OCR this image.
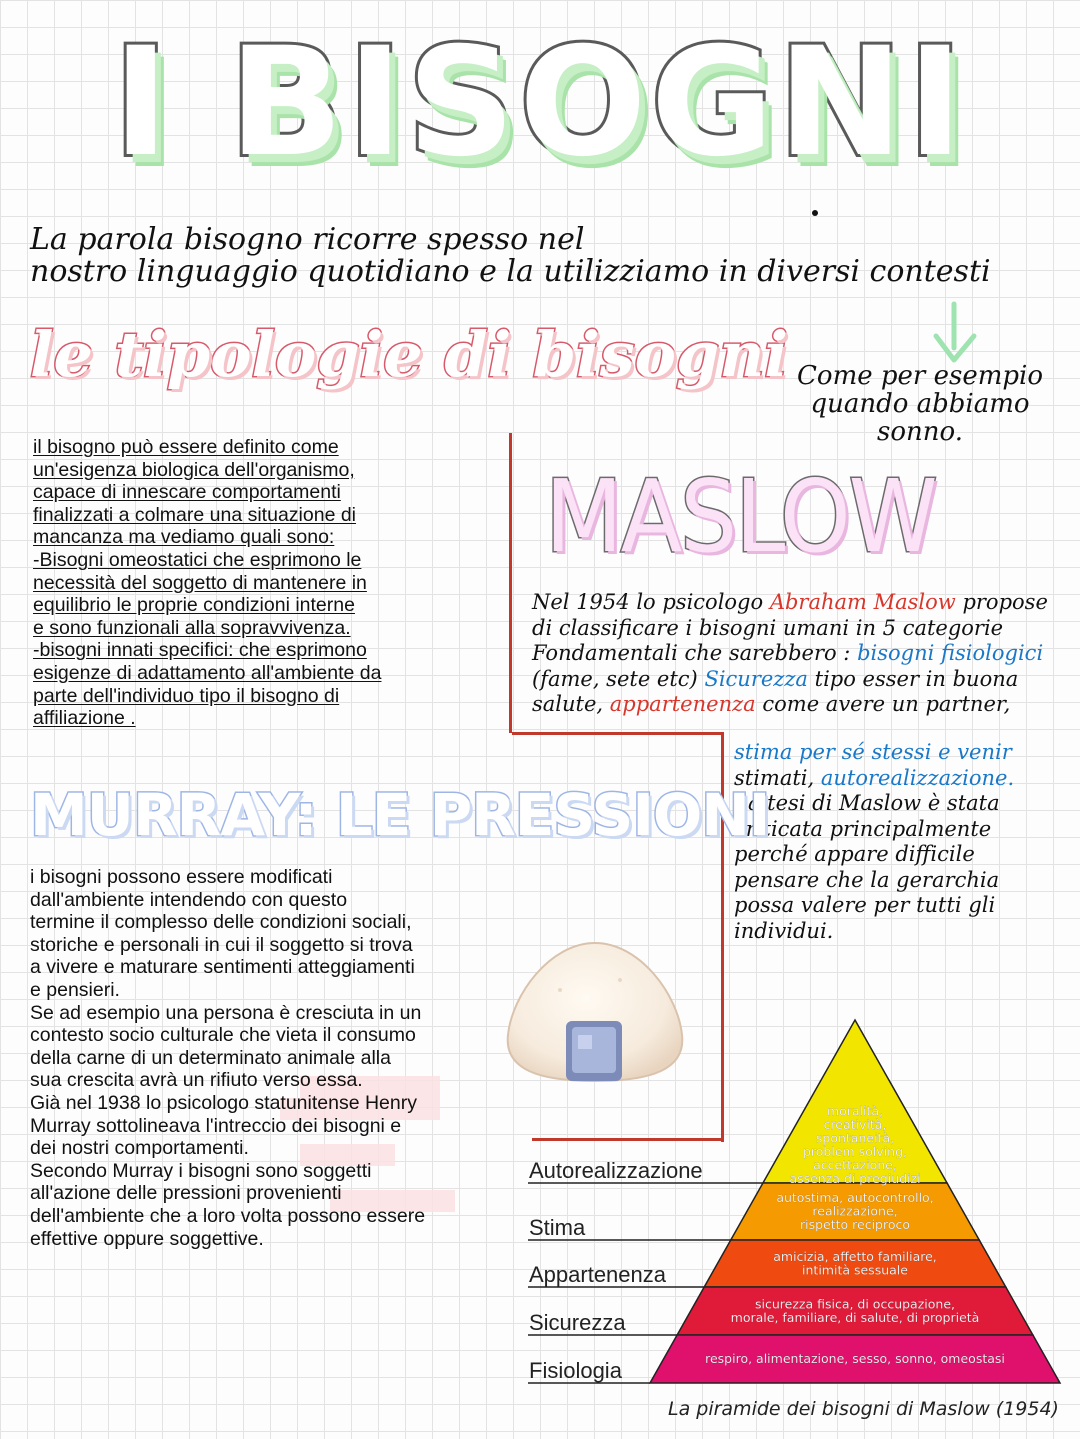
I BISOGNI
La parola bisogno ricorre spesso nel
nostro linguaggio quotidiano e la utilizziamo in diversi contesti
le tipologie di bisogni Come per esempio
quando abbiamo
sonno.
il bisogno può essere definito come
un'esigenza biologica dell'organismo,
capace di innescare comportamenti
finalizzati a colmare una situazione di
mancanza ma vediamo quali sono:
-Bisogni omeostatici che esprimono le
necessità del soggetto di mantenere in
equilibrio le proprie condizioni interne
e sono funzionali alla sopravvivenza.
-bisogni innati specifici: che esprimono
esigenze di adattamento all'ambiente da
parte dell'individuo tipo il bisogno di
affiliazione .
MASLOW
Nel 1954 lo psicologo Abraham Maslow propose
di classificare i bisogni umani in 5 categorie
Fondamentali che sarebbero : bisogni fisiologici
(fame, sete etc) Sicurezza tipo esser in buona
salute, appartenenza come avere un partner,
stima per sé stessi e venir
stimati, autorealizzazione.
La tesi di Maslow è stata
criticata principalmente
perché appare difficile
pensare che la gerarchia
possa valere per tutti gli
individui.
MURRAY: LE PRESSIONI
i bisogni possono essere modificati
dall'ambiente intendendo con questo
termine il complesso delle condizioni sociali,
storiche e personali in cui il soggetto si trova
a vivere e maturare sentimenti atteggiamenti
e pensieri.
Se ad esempio una persona è cresciuta in un
contesto socio culturale che vieta il consumo
della carne di un determinato animale alla
sua crescita avrà un rifiuto verso essa.
Già nel 1938 lo psicologo statunitense Henry
Murray sottolineava l'intreccio dei bisogni e
dei nostri comportamenti.
Secondo Murray i bisogni sono soggetti
all'azione delle pressioni provenienti
dell'ambiente che a loro volta possono essere
effettive oppure soggettive.
Autorealizzazione
Stima
Appartenenza
Sicurezza
Fisiologia
moralità,
creatività,
spontaneità,
problem solving,
accettazione,
assenza di pregiudizi
autostima, autocontrollo,
realizzazione,
rispetto reciproco
amicizia, affetto familiare,
intimità sessuale
sicurezza fisica, di occupazione,
morale, familiare, di salute, di proprietà
respiro, alimentazione, sesso, sonno, omeostasi
La piramide dei bisogni di Maslow (1954)
